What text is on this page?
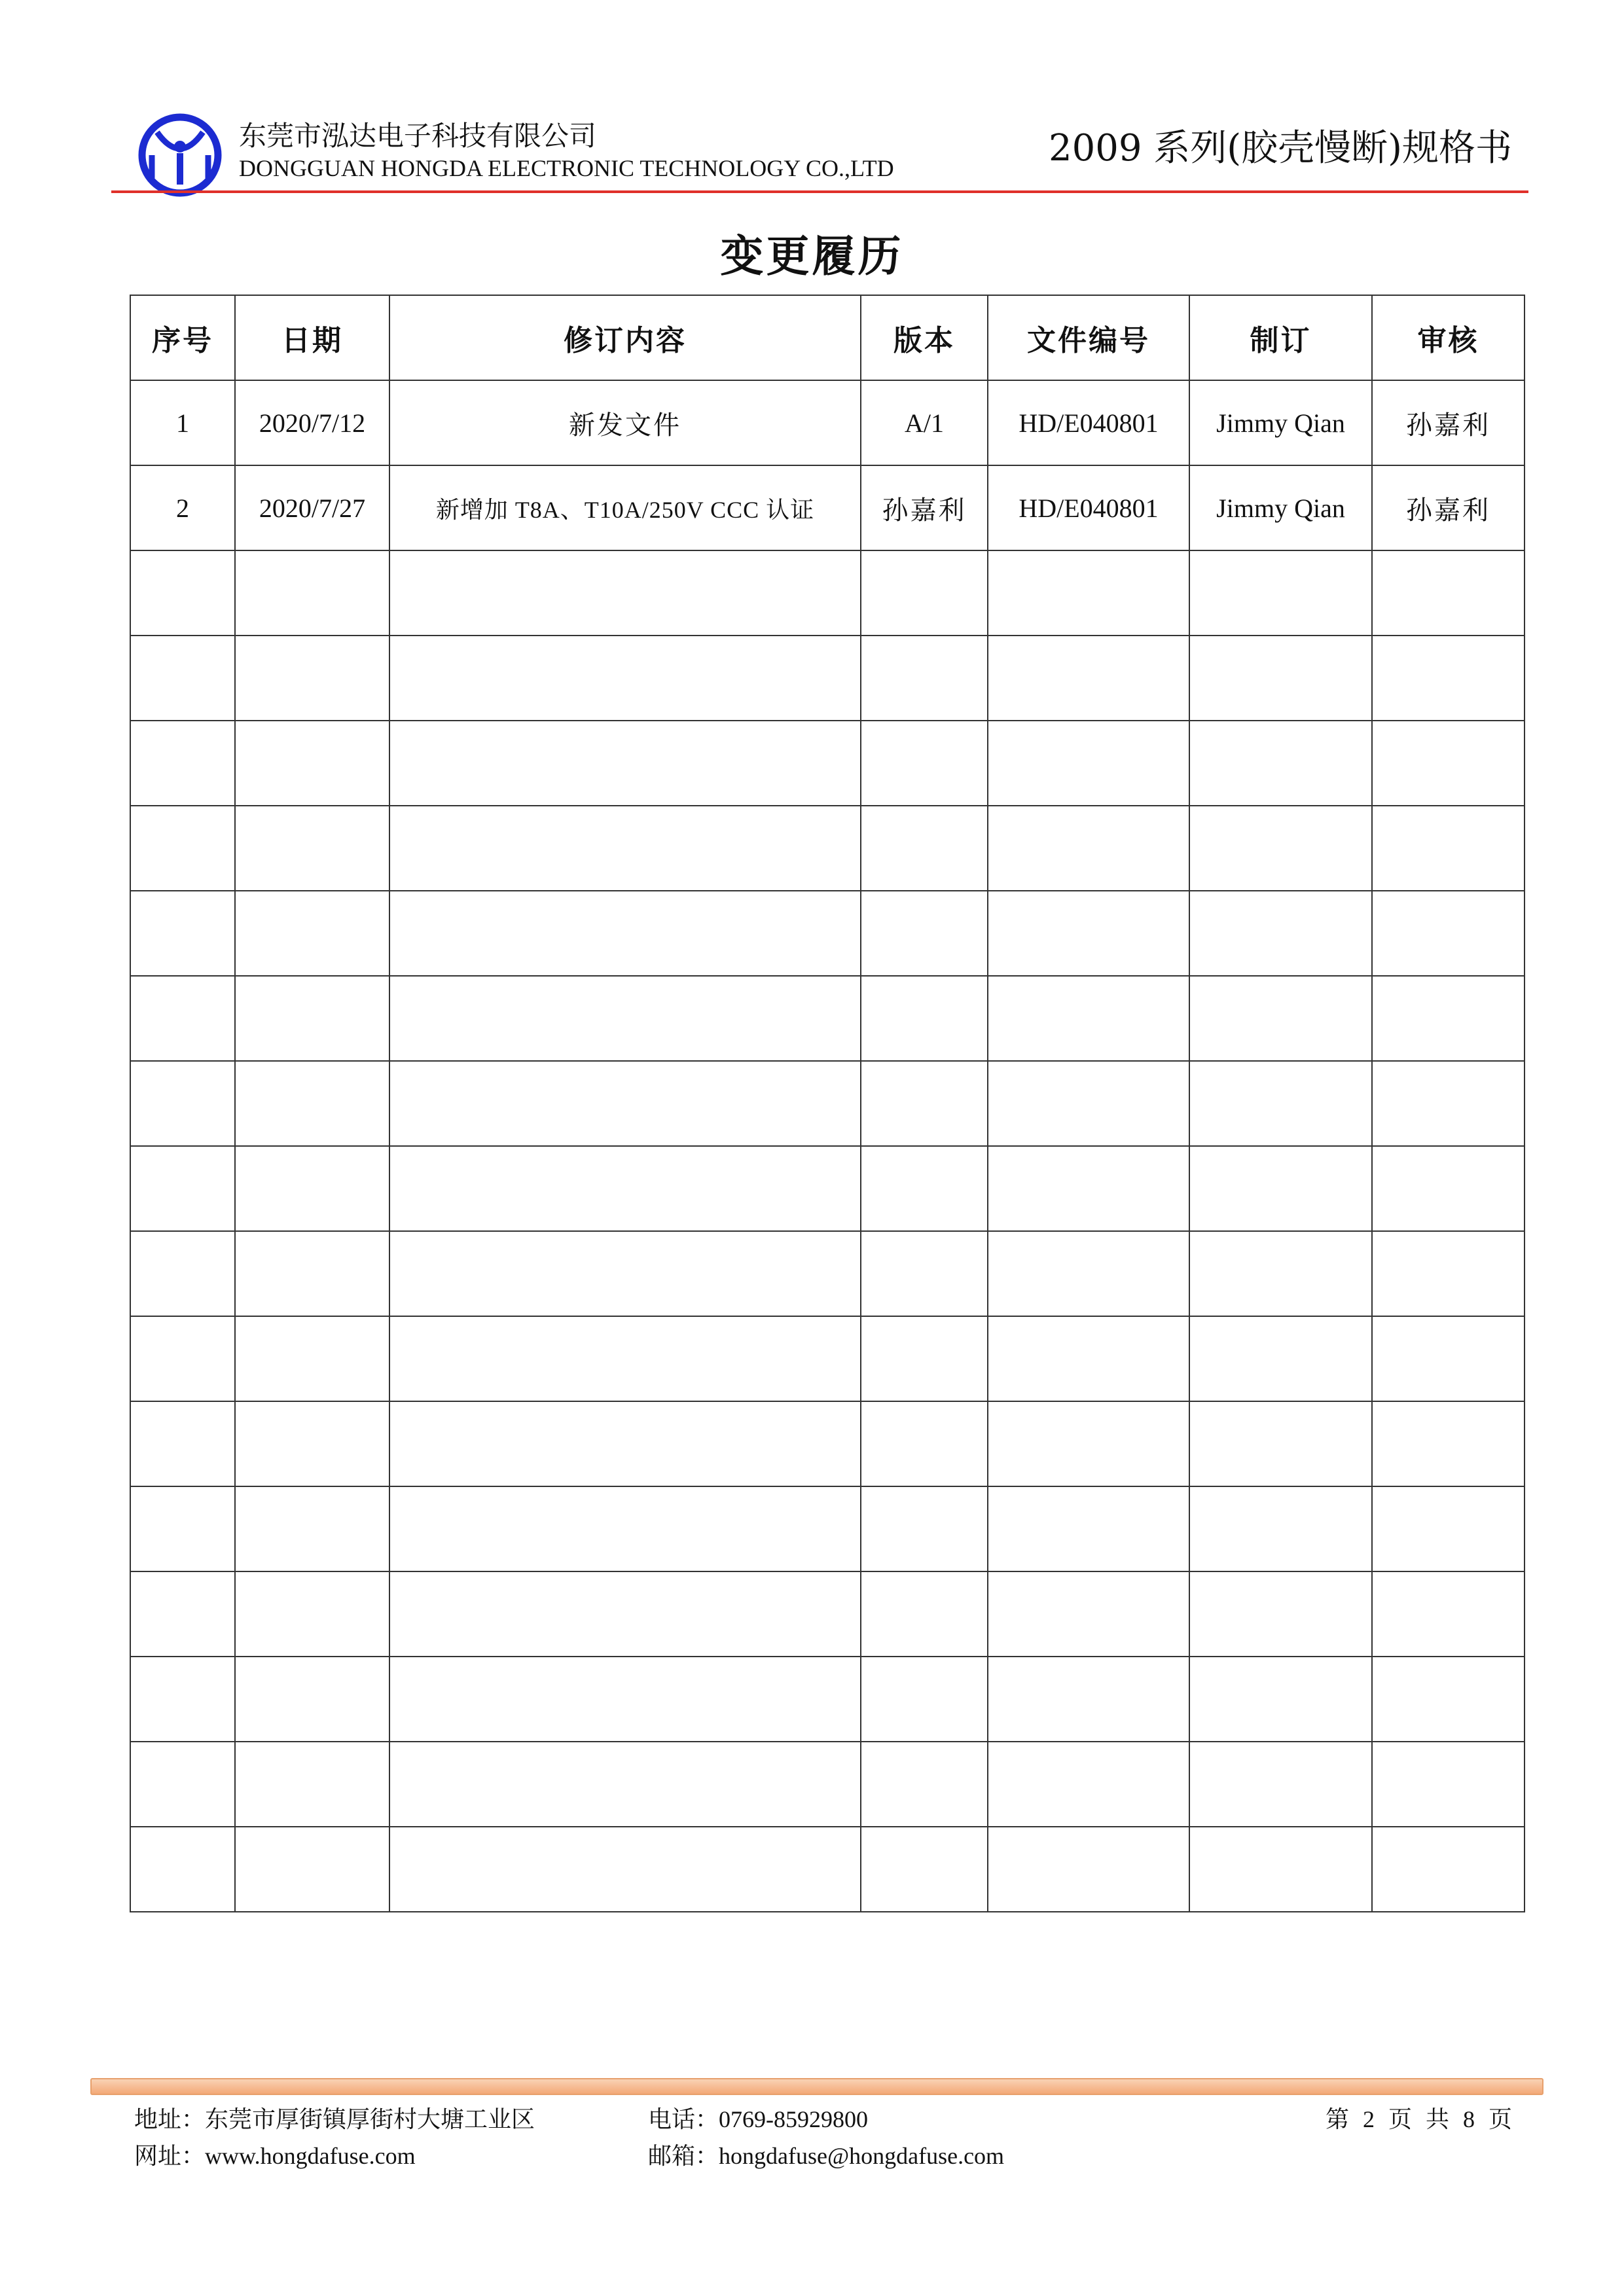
东莞市泓达电子科技有限公司
DONGGUAN HONGDA ELECTRONIC TECHNOLOGY CO.,LTD	2009 系列(胶壳慢断)规格书
变更履历
序号	日期	修订内容	版本	文件编号	制订	审核
1	2020/7/12	新发文件	A/1	HD/E040801	Jimmy Qian	孙嘉利
2	2020/7/27	新增加 T8A、T10A/250V CCC 认证	孙嘉利	HD/E040801	Jimmy Qian	孙嘉利

地址：东莞市厚街镇厚街村大塘工业区
网址：www.hongdafuse.com
电话：0769-85929800
邮箱：hongdafuse@hongdafuse.com
第 2 页 共 8 页
